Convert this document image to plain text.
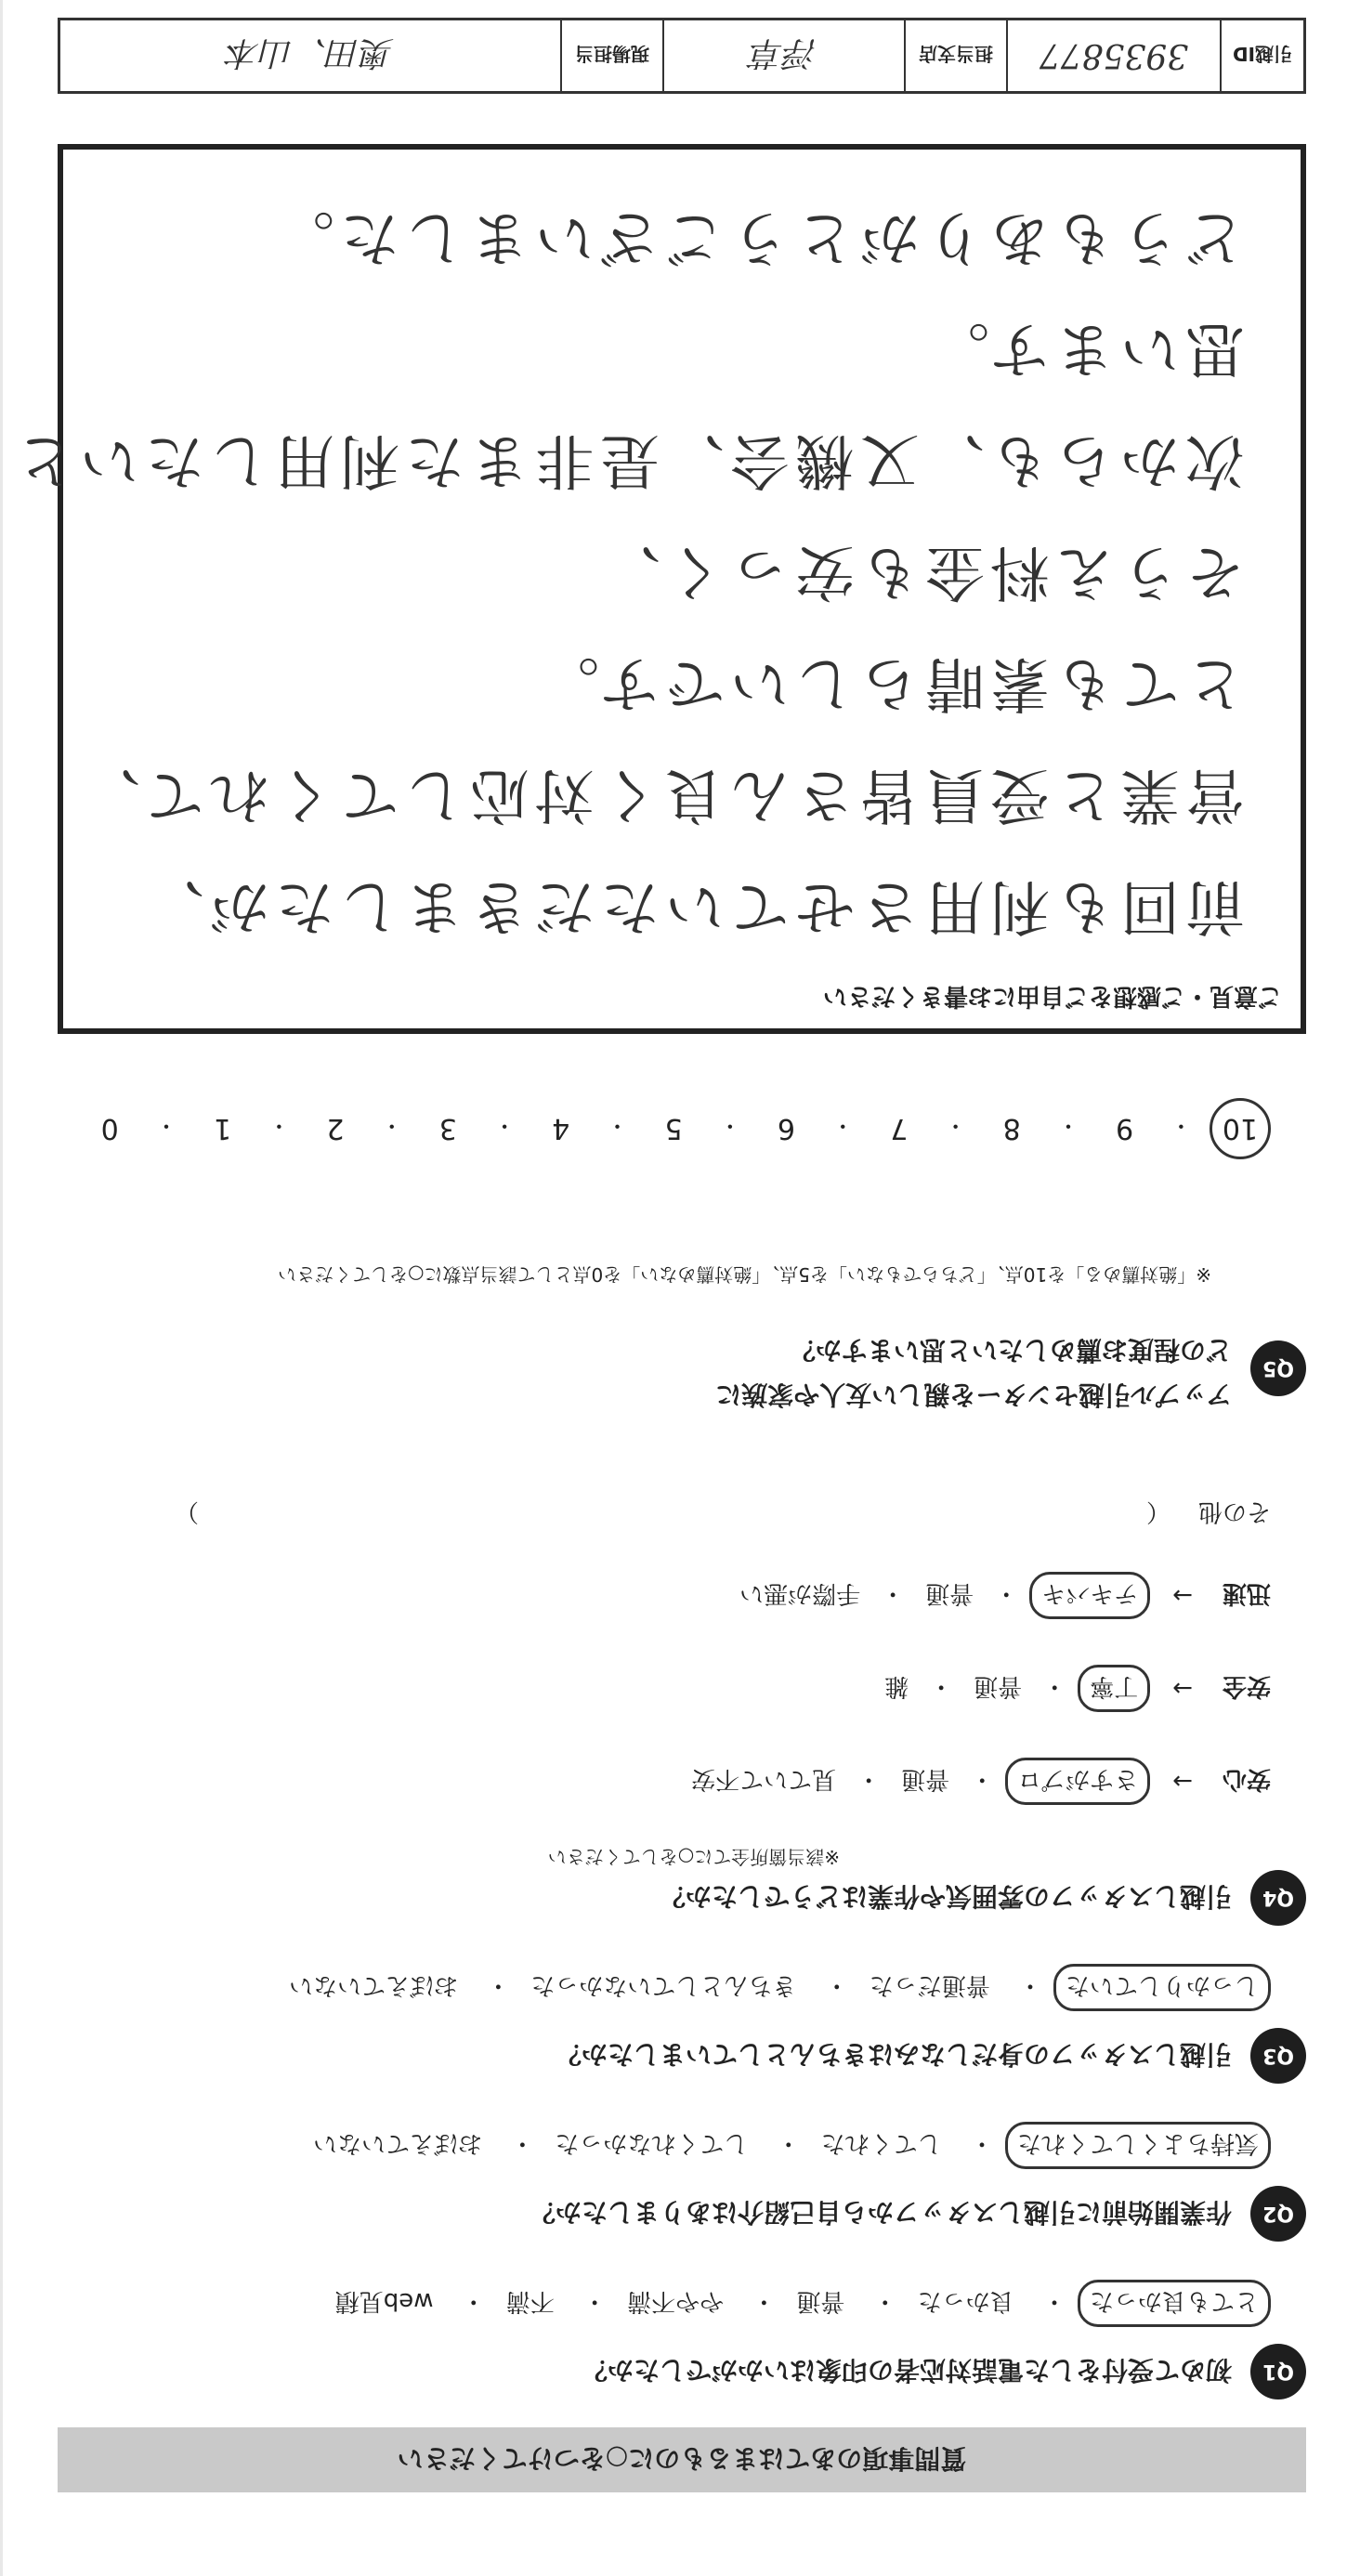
質問事項のあてはまるものに○をつけてください
Q1
初めて受付をした電話対応者の印象はいかがでしたか？
とても良かった・ 良かった・ 普通・ やや不満・ 不満・ web見積
Q2
作業開始前に引越しスタッフから自己紹介はありましたか？
気持ちよくしてくれた・ してくれた・ してくれなかった・ おぼえていない
Q3
引越しスタッフの身だしなみはきちんとしていましたか？
しっかりしていた・ 普通だった・ きちんとしていなかった・ おぼえていない
Q4
引越しスタッフの雰囲気や作業はどうでしたか？
※該当箇所全てに○をしてください
安心
→
さすがプロ
・
普通
・
見ていて不安
安全
→
丁寧
・
普通
・
雑
迅速
→
テキパキ
・
普通
・
手際が悪い
その他
（
）
Q5
アップル引越センターを親しい友人や家族に
どの程度お薦めしたいと思いますか？
※「絶対薦める」を10点、「どちらでもない」を5点、「絶対薦めない」を0点として該当点数に○をしてください
10
・
9
・
8
・
7
・
6
・
5
・
4
・
3
・
2
・
1
・
0
ご意見・ご感想をご自由にお書きください
前回も利用させていただきましたが、
営業と受員皆さん良く対応してくれて、
とても素晴らしいです。
そうえ料金も安っく、
次からも、又機会、是非また利用したいと
思います。
どうもありがとうございました。
引越ID
3935877
担当支店
浮草
現場担当
奥田、山本
